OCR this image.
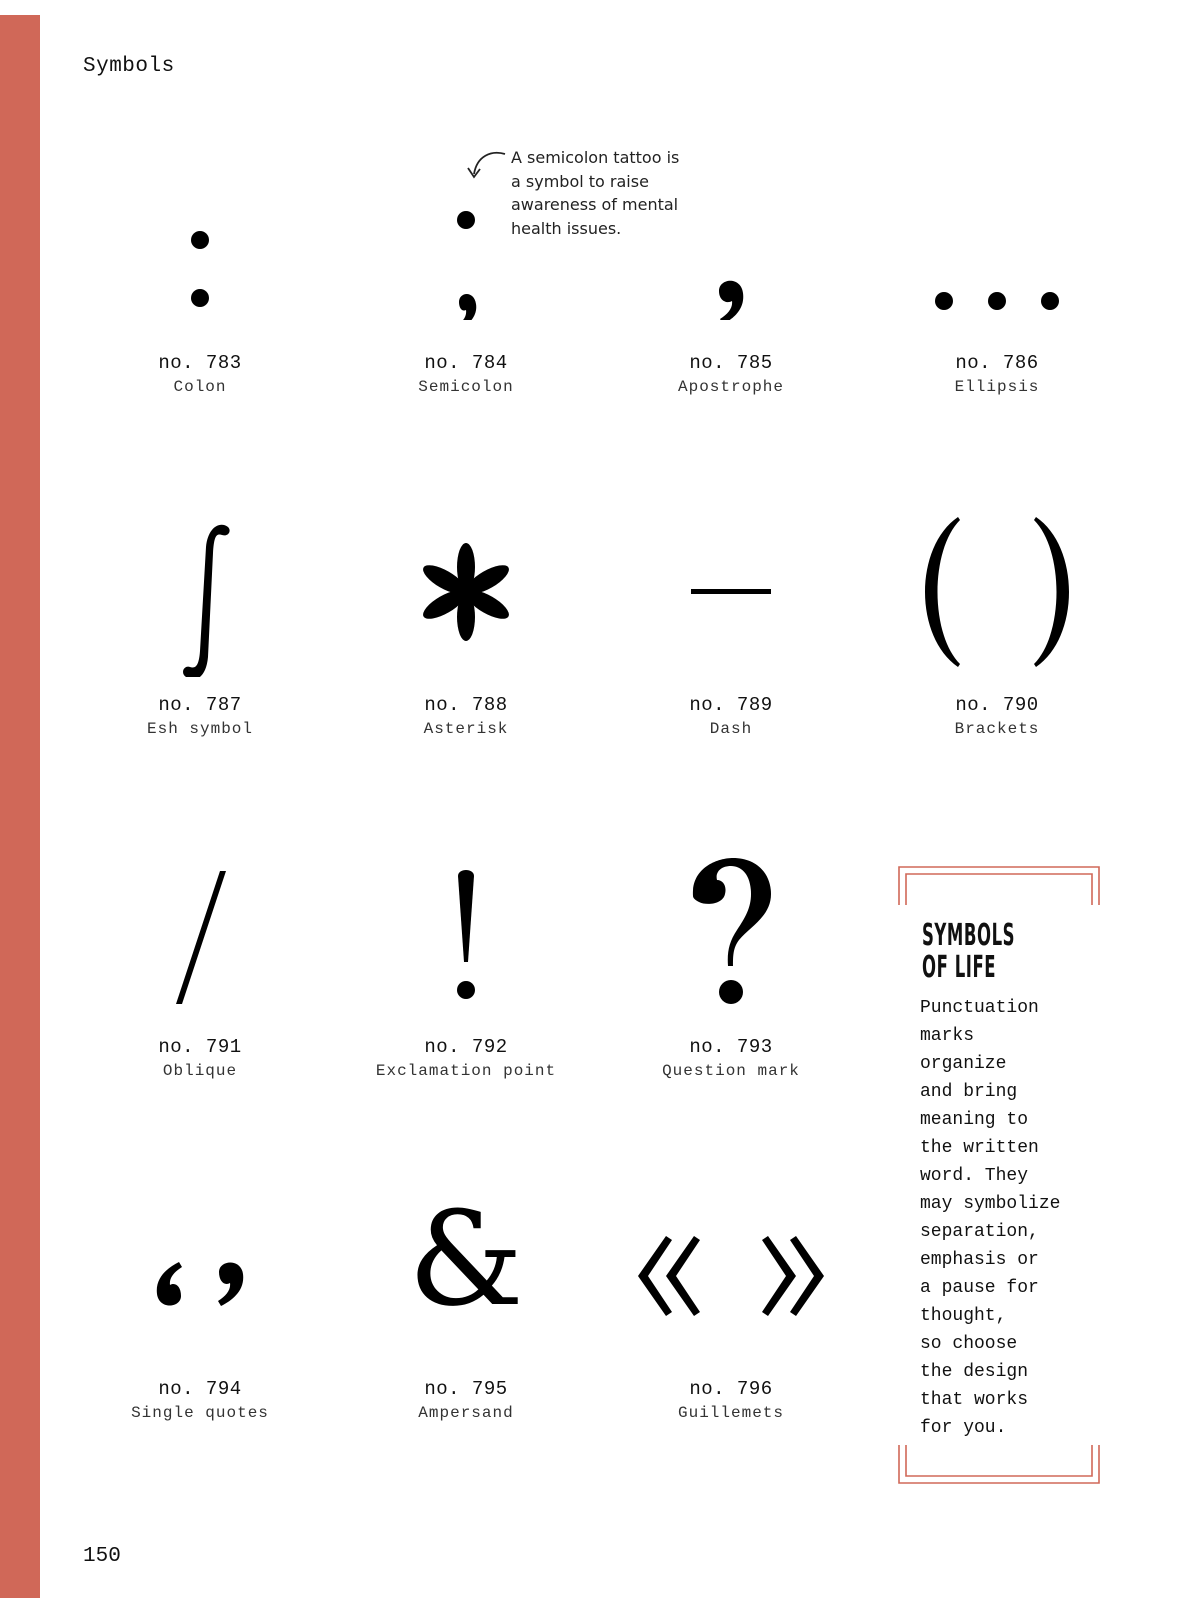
Symbols
no. 783
Colon
no. 784
Semicolon
no. 785
Apostrophe
no. 786
Ellipsis
A semicolon tattoo is a symbol to raise awareness of mental health issues.
no. 787
Esh symbol
no. 788
Asterisk
no. 789
Dash
no. 790
Brackets
no. 791
Oblique
no. 792
Exclamation point
no. 793
Question mark
no. 794
Single quotes
&
no. 795
Ampersand
no. 796
Guillemets
SYMBOLS
OF LIFE
Punctuation
marks
organize
and bring
meaning to
the written
word. They
may symbolize
separation,
emphasis or
a pause for
thought,
so choose
the design
that works
for you.
150
